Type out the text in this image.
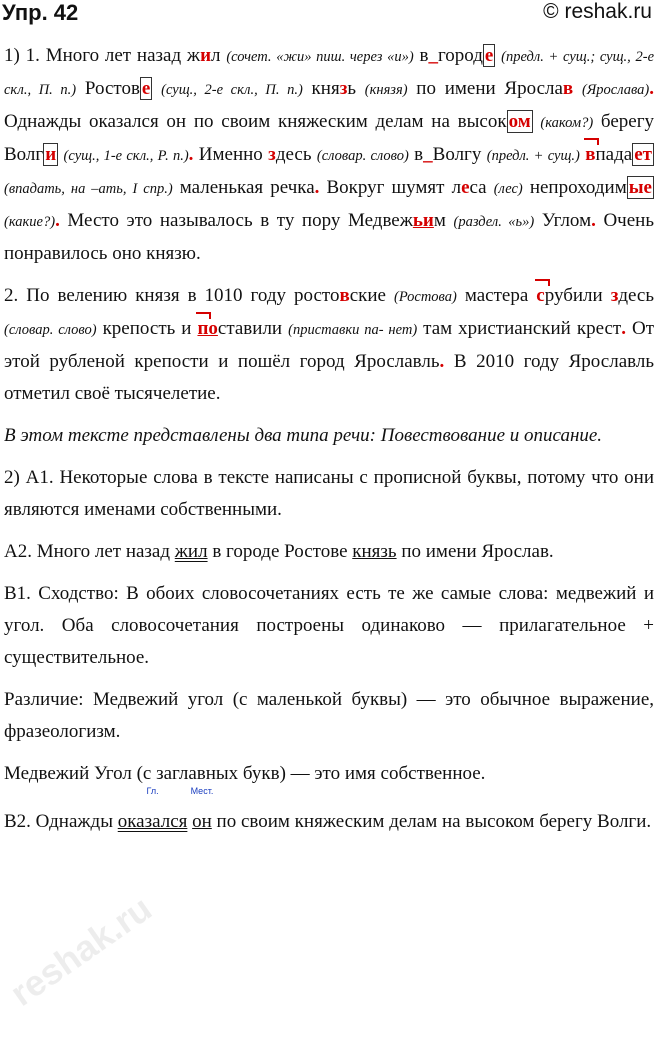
Упр. 42	© reshak.ru

1) 1. Много лет назад жил (сочет. «жи» пиш. через «и») в_город е (предл. + сущ.; сущ., 2-е скл., П. п.) Ростов е (сущ., 2-е скл., П. п.) князь (князя) по имени Ярослав (Ярослава). Однажды оказался он по своим княжеским делам на высок ом (каком?) берегу Волг и (сущ., 1-е скл., Р. п.). Именно здесь (словар. слово) в_Волгу (предл. + сущ.) впада ет (впадать, на –ать, I спр.) маленькая речка. Вокруг шумят леса (лес) непроходим ые (какие?). Место это называлось в ту пору Медвежьим (раздел. «ь») Углом. Очень понравилось оно князю.

2. По велению князя в 1010 году ростовские (Ростова) мастера срубили здесь (словар. слово) крепость и поставили (приставки па- нет) там христианский крест. От этой рубленой крепости и пошёл город Ярославль. В 2010 году Ярославль отметил своё тысячелетие.

В этом тексте представлены два типа речи: Повествование и описание.

2) А1. Некоторые слова в тексте написаны с прописной буквы, потому что они являются именами собственными.

А2. Много лет назад жил в городе Ростове князь по имени Ярослав.

В1. Сходство: В обоих словосочетаниях есть те же самые слова: медвежий и угол. Оба словосочетания построены одинаково — прилагательное + существительное.

Различие: Медвежий угол (с маленькой буквы) — это обычное выражение, фразеологизм.

Медвежий Угол (с заглавных букв) — это имя собственное.

В2. Однажды
Гл.
оказался
Мест.
он по своим княжеским делам на высоком берегу Волги.

reshak.ru
